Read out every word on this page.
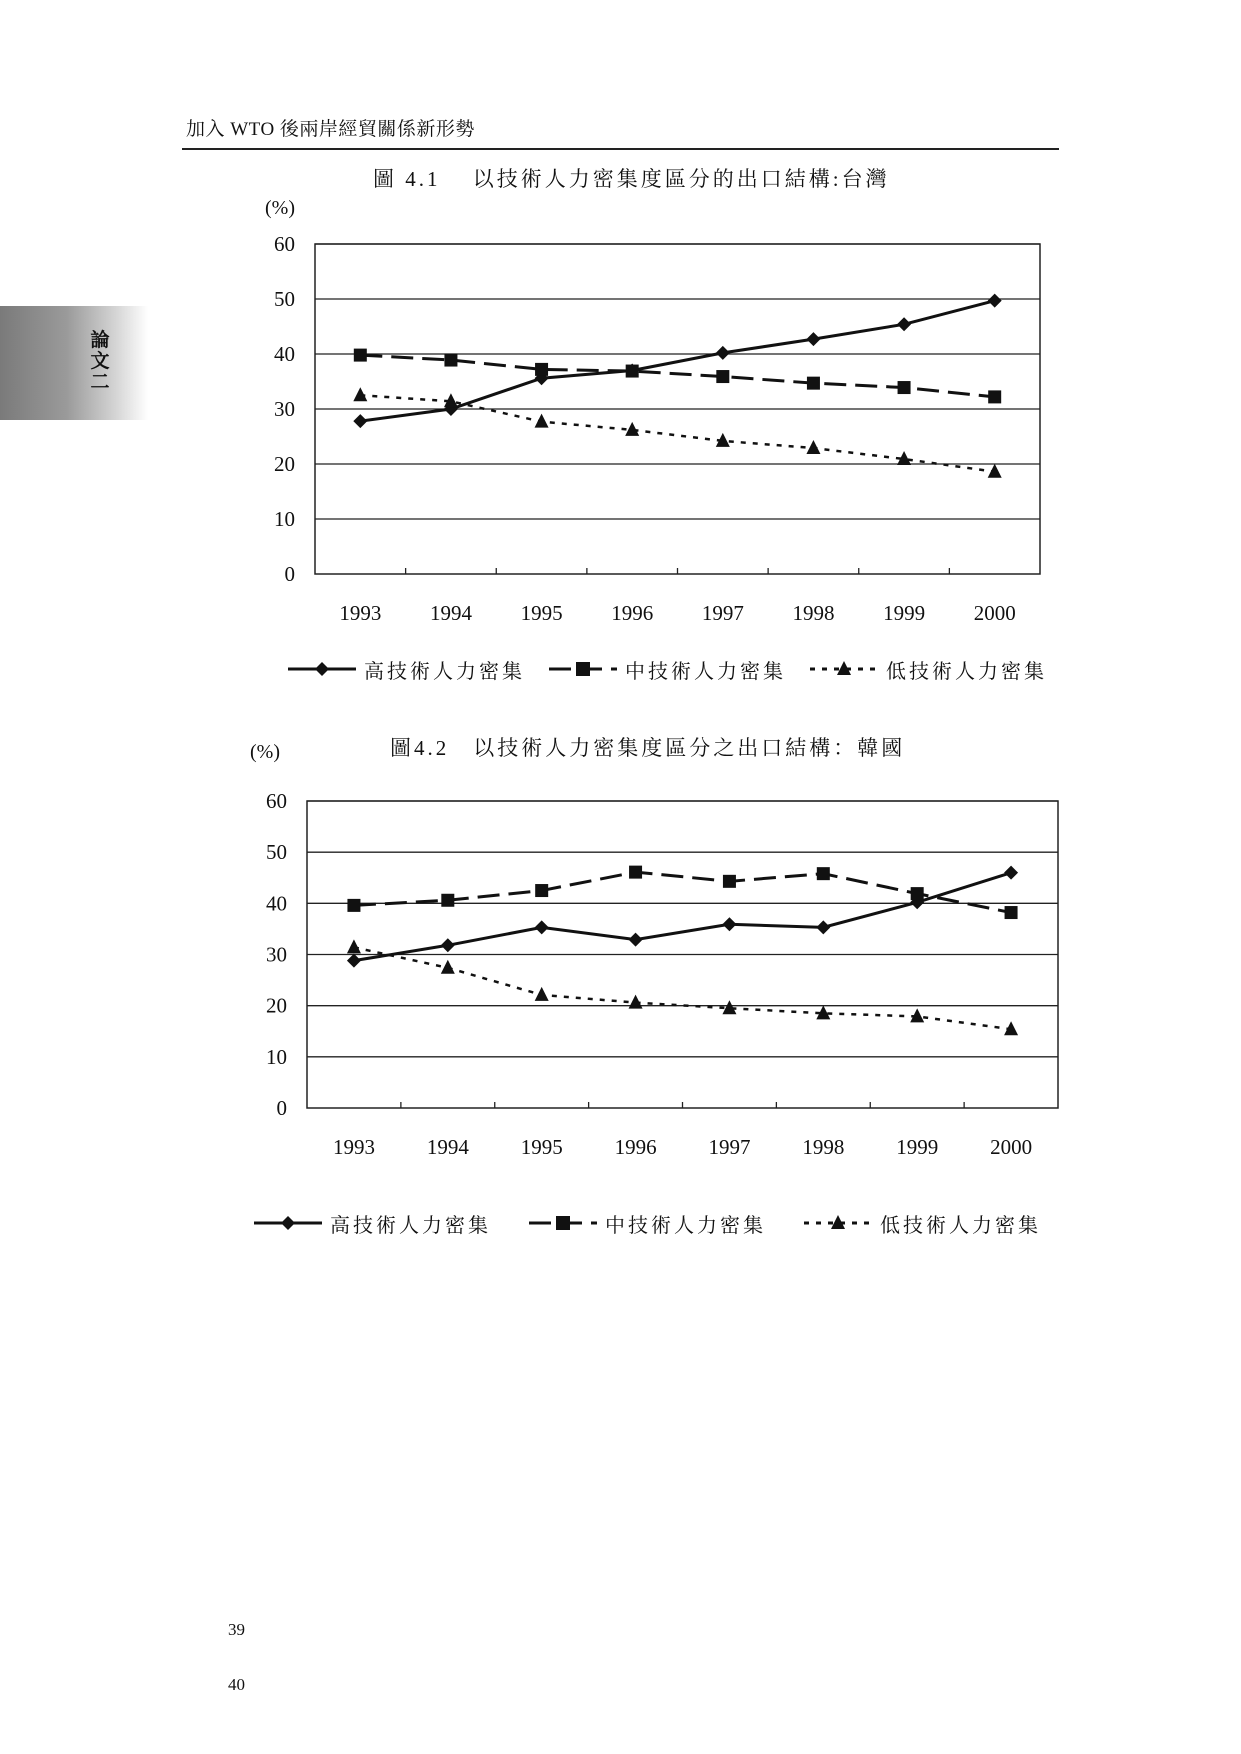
加入 WTO 後兩岸經貿關係新形勢
論文二
圖 4.1　 以技術人力密集度區分的出口結構:台灣
(%)
0
10
20
30
40
50
60
1993 1994 1995 1996 1997 1998 1999 2000
高技術人力密集	中技術人力密集	低技術人力密集
圖4.2　以技術人力密集度區分之出口結構：韓國
(%)
0
10
20
30
40
50
60
1993 1994 1995 1996 1997 1998 1999 2000
高技術人力密集	中技術人力密集	低技術人力密集
39
40
